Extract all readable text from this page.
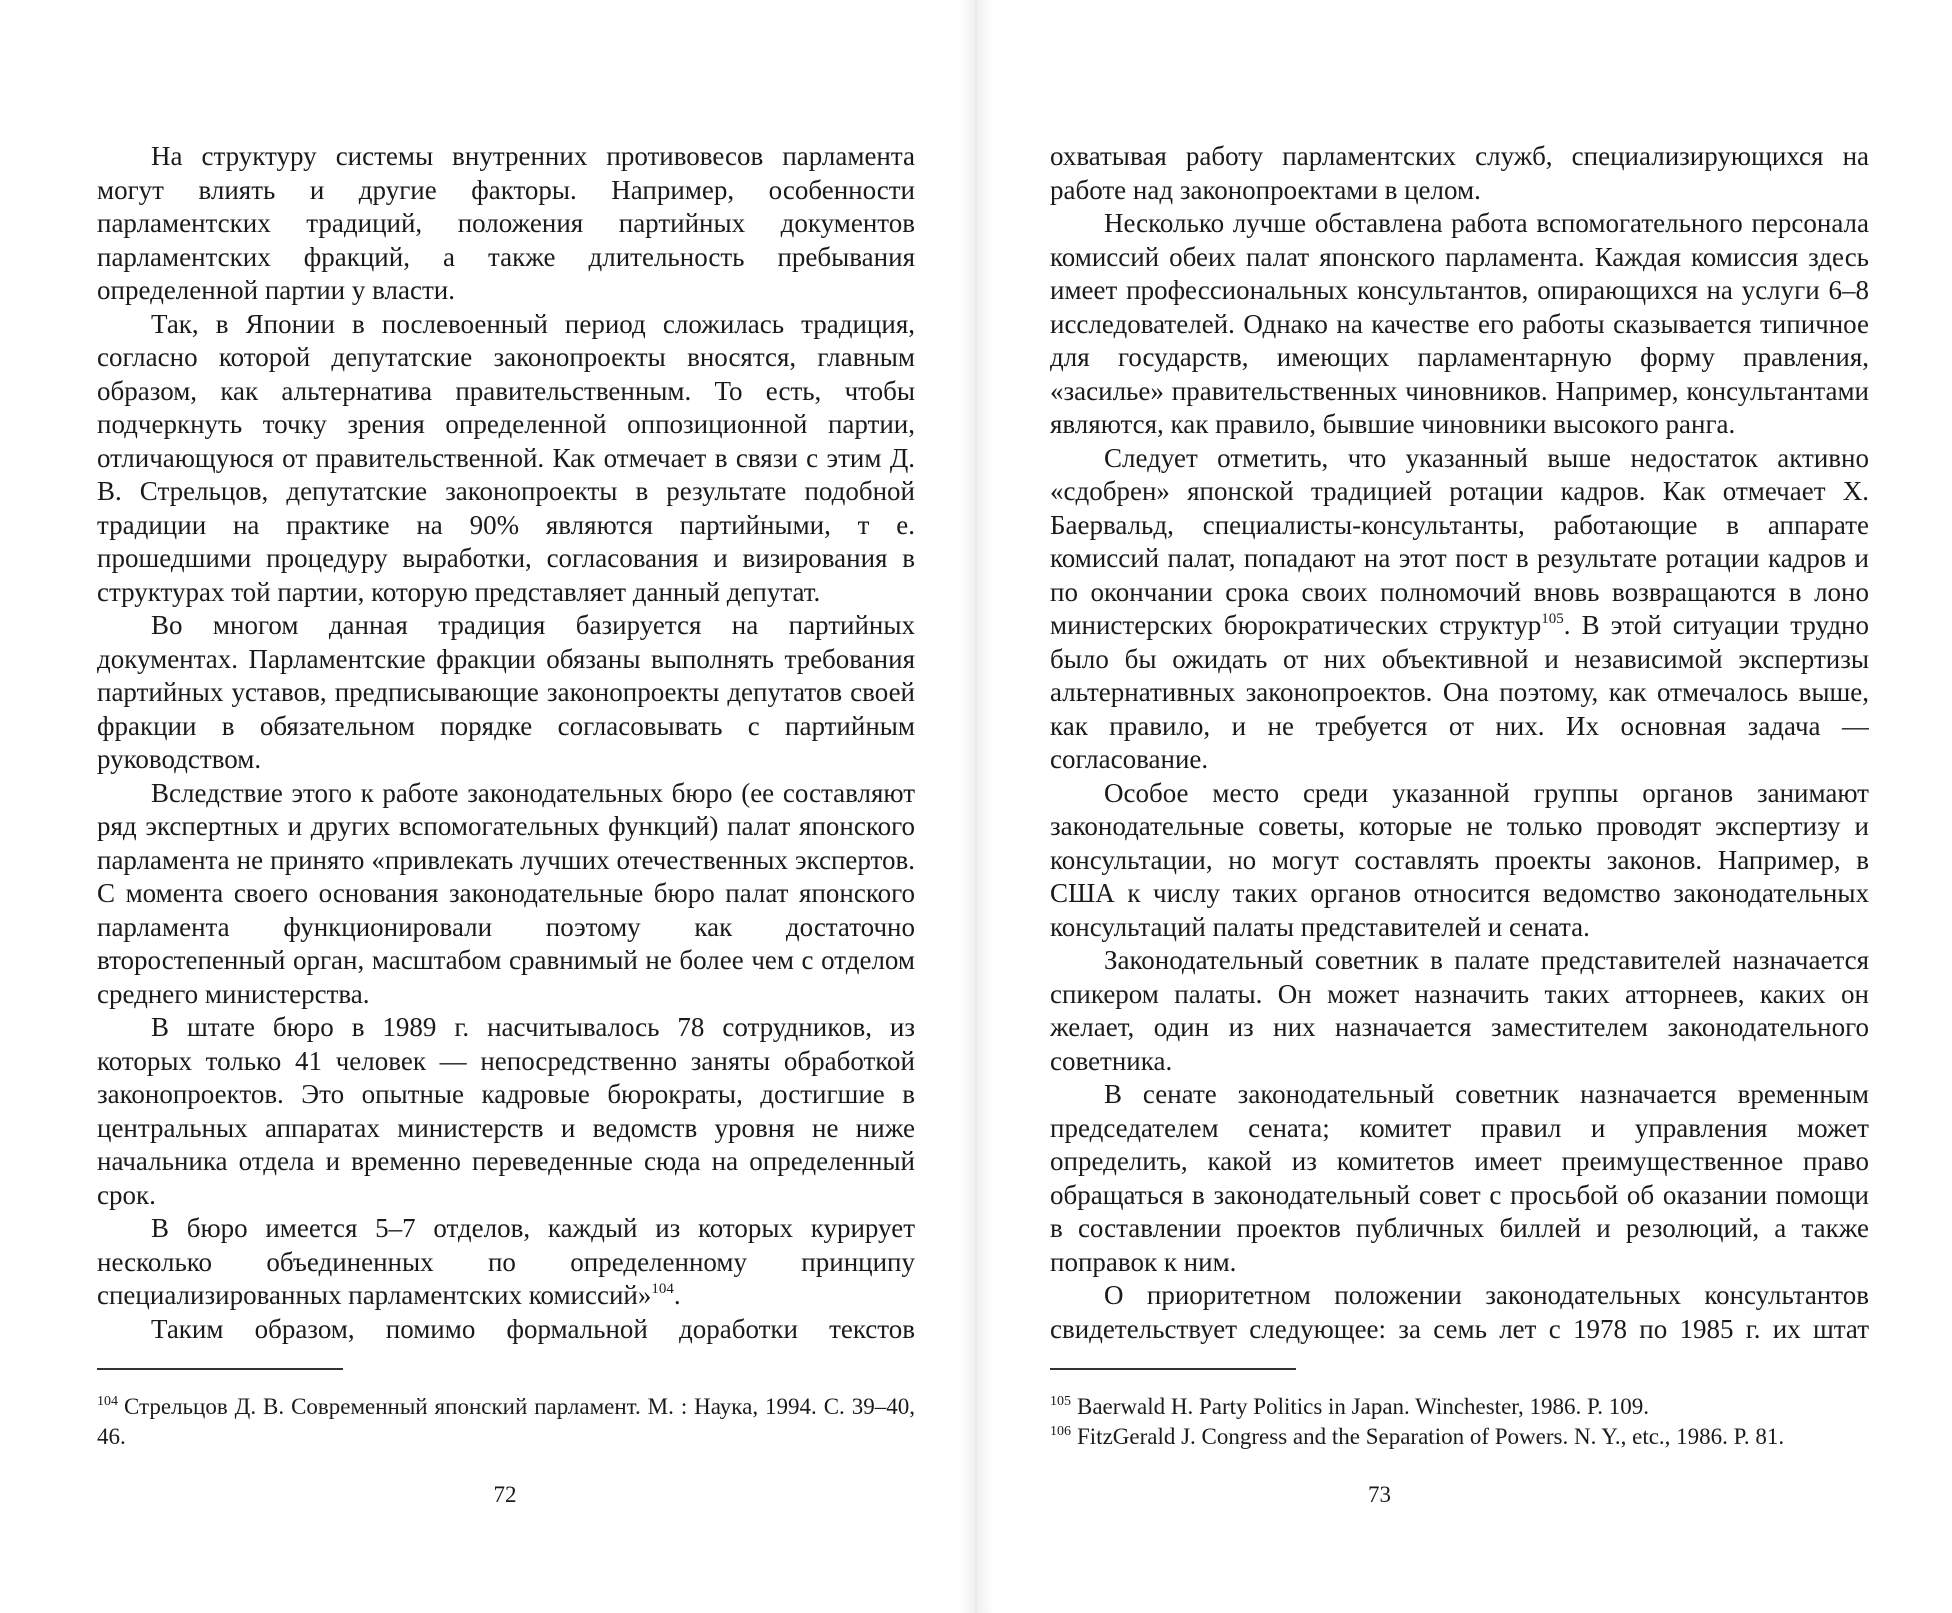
На структуру системы внутренних противовесов парламента могут влиять и другие факторы. Например, особенности парламентских традиций, положения партийных документов парламентских фракций, а также длительность пребывания определенной партии у власти.

Так, в Японии в послевоенный период сложилась традиция, согласно которой депутатские законопроекты вносятся, главным образом, как альтернатива правительственным. То есть, чтобы подчеркнуть точку зрения определенной оппозиционной партии, отличающуюся от правительственной. Как отмечает в связи с этим Д. В. Стрельцов, депутатские законопроекты в результате подобной традиции на практике на 90% являются партийными, т е. прошедшими процедуру выработки, согласования и визирования в структурах той партии, которую представляет данный депутат.

Во многом данная традиция базируется на партийных документах. Парламентские фракции обязаны выполнять требования партийных уставов, предписывающие законопроекты депутатов своей фракции в обязательном порядке согласовывать с партийным руководством.

Вследствие этого к работе законодательных бюро (ее составляют ряд экспертных и других вспомогательных функций) палат японского парламента не принято «привлекать лучших отечественных экспертов. С момента своего основания законодательные бюро палат японского парламента функционировали поэтому как достаточно второстепенный орган, масштабом сравнимый не более чем с отделом среднего министерства.

В штате бюро в 1989 г. насчитывалось 78 сотрудников, из которых только 41 человек — непосредственно заняты обработкой законопроектов. Это опытные кадровые бюрократы, достигшие в центральных аппаратах министерств и ведомств уровня не ниже начальника отдела и временно переведенные сюда на определенный срок.

В бюро имеется 5–7 отделов, каждый из которых курирует несколько объединенных по определенному принципу специализированных парламентских комиссий»$^{104}$.

Таким образом, помимо формальной доработки текстов

$^{104}$ Стрельцов Д. В. Современный японский парламент. М. : Наука, 1994. С. 39–40, 46.

72

охватывая работу парламентских служб, специализирующихся на работе над законопроектами в целом.

Несколько лучше обставлена работа вспомогательного персонала комиссий обеих палат японского парламента. Каждая комиссия здесь имеет профессиональных консультантов, опирающихся на услуги 6–8 исследователей. Однако на качестве его работы сказывается типичное для государств, имеющих парламентарную форму правления, «засилье» правительственных чиновников. Например, консультантами являются, как правило, бывшие чиновники высокого ранга.

Следует отметить, что указанный выше недостаток активно «сдобрен» японской традицией ротации кадров. Как отмечает Х. Баервальд, специалисты-консультанты, работающие в аппарате комиссий палат, попадают на этот пост в результате ротации кадров и по окончании срока своих полномочий вновь возвращаются в лоно министерских бюрократических структур$^{105}$. В этой ситуации трудно было бы ожидать от них объективной и независимой экспертизы альтернативных законопроектов. Она поэтому, как отмечалось выше, как правило, и не требуется от них. Их основная задача — согласование.

Особое место среди указанной группы органов занимают законодательные советы, которые не только проводят экспертизу и консультации, но могут составлять проекты законов. Например, в США к числу таких органов относится ведомство законодательных консультаций палаты представителей и сената.

Законодательный советник в палате представителей назначается спикером палаты. Он может назначить таких атторнеев, каких он желает, один из них назначается заместителем законодательного советника.

В сенате законодательный советник назначается временным председателем сената; комитет правил и управления может определить, какой из комитетов имеет преимущественное право обращаться в законодательный совет с просьбой об оказании помощи в составлении проектов публичных биллей и резолюций, а также поправок к ним.

О приоритетном положении законодательных консультантов свидетельствует следующее: за семь лет с 1978 по 1985 г. их штат

$^{105}$ Baerwald H. Party Politics in Japan. Winchester, 1986. P. 109.

$^{106}$ FitzGerald J. Congress and the Separation of Powers. N. Y., etc., 1986. P. 81.

73
